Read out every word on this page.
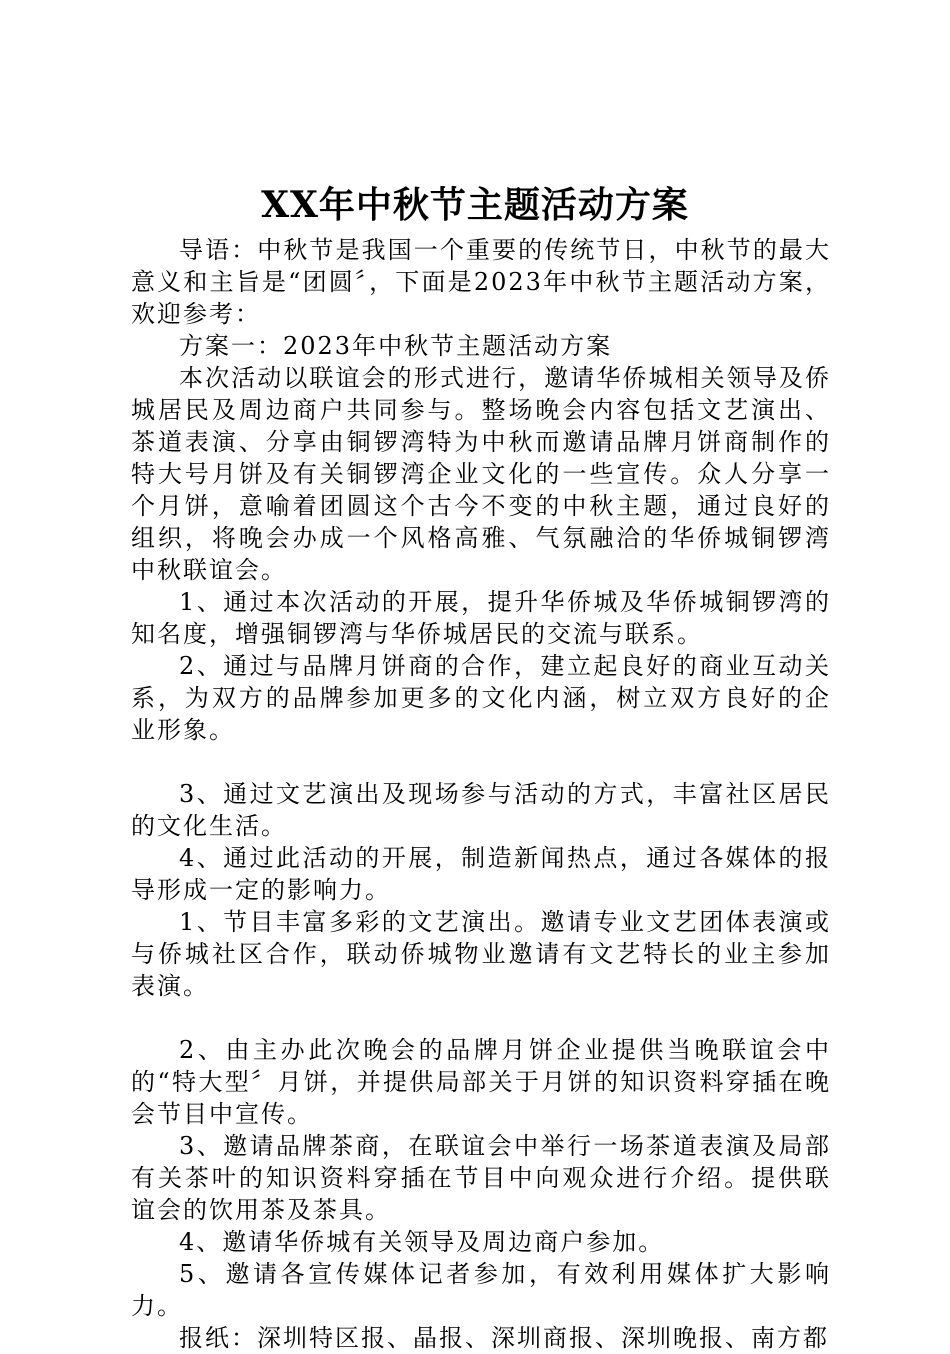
XX年中秋节主题活动方案

导语：中秋节是我国一个重要的传统节日，中秋节的最大意义和主旨是“团圆〞，下面是2023年中秋节主题活动方案，欢迎参考：

方案一：2023年中秋节主题活动方案

本次活动以联谊会的形式进行，邀请华侨城相关领导及侨城居民及周边商户共同参与。整场晚会内容包括文艺演出、茶道表演、分享由铜锣湾特为中秋而邀请品牌月饼商制作的特大号月饼及有关铜锣湾企业文化的一些宣传。众人分享一个月饼，意喻着团圆这个古今不变的中秋主题，通过良好的组织，将晚会办成一个风格高雅、气氛融洽的华侨城铜锣湾中秋联谊会。

1、通过本次活动的开展，提升华侨城及华侨城铜锣湾的知名度，增强铜锣湾与华侨城居民的交流与联系。

2、通过与品牌月饼商的合作，建立起良好的商业互动关系，为双方的品牌参加更多的文化内涵，树立双方良好的企业形象。

3、通过文艺演出及现场参与活动的方式，丰富社区居民的文化生活。

4、通过此活动的开展，制造新闻热点，通过各媒体的报导形成一定的影响力。

1、节目丰富多彩的文艺演出。邀请专业文艺团体表演或与侨城社区合作，联动侨城物业邀请有文艺特长的业主参加表演。

2、由主办此次晚会的品牌月饼企业提供当晚联谊会中的“特大型〞月饼，并提供局部关于月饼的知识资料穿插在晚会节目中宣传。

3、邀请品牌茶商，在联谊会中举行一场茶道表演及局部有关茶叶的知识资料穿插在节目中向观众进行介绍。提供联谊会的饮用茶及茶具。

4、邀请华侨城有关领导及周边商户参加。

5、邀请各宣传媒体记者参加，有效利用媒体扩大影响力。

报纸：深圳特区报、晶报、深圳商报、深圳晚报、南方都
